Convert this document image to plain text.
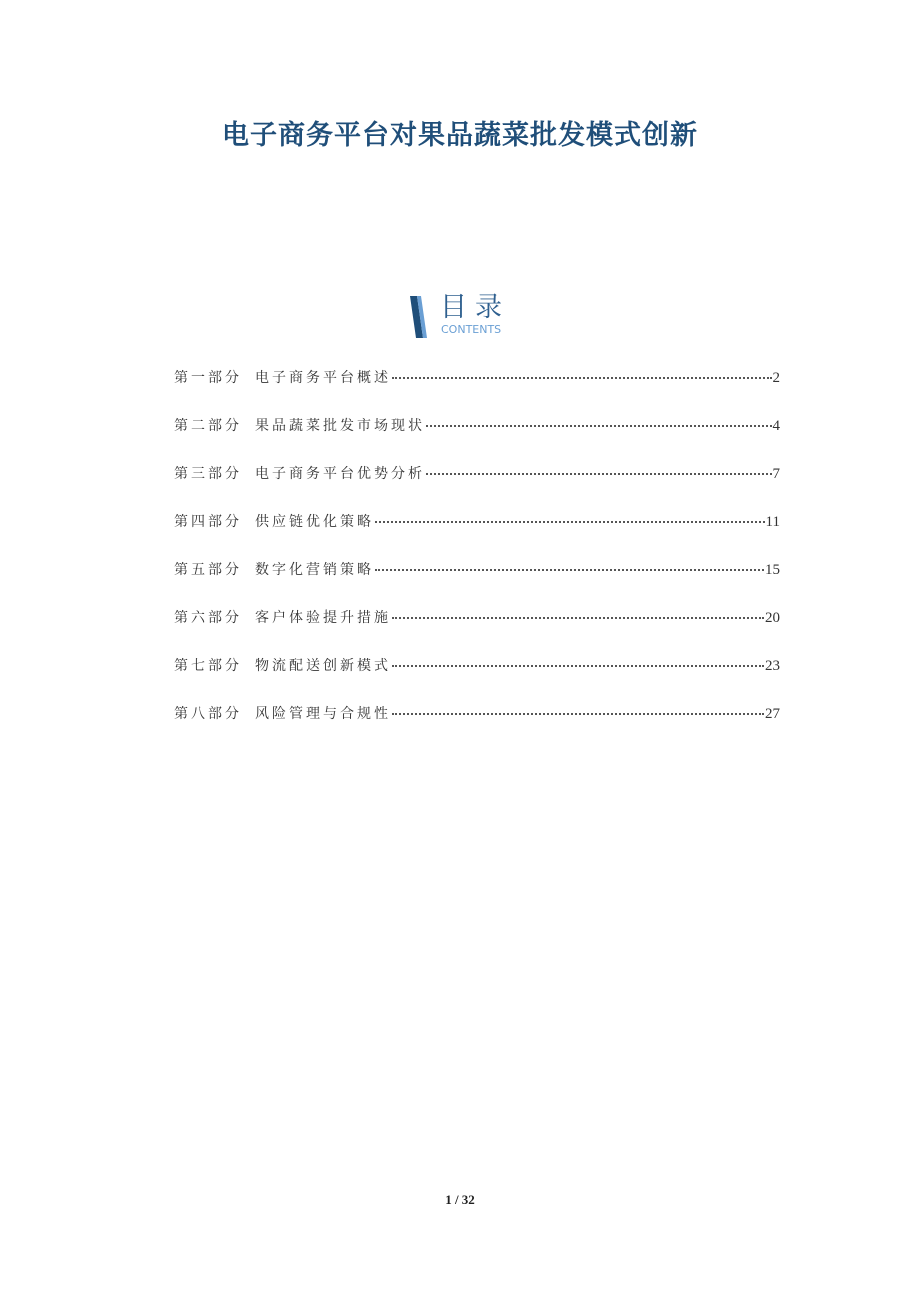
电子商务平台对果品蔬菜批发模式创新
目录
CONTENTS
第一部分 电子商务平台概述	2
第二部分 果品蔬菜批发市场现状	4
第三部分 电子商务平台优势分析	7
第四部分 供应链优化策略	11
第五部分 数字化营销策略	15
第六部分 客户体验提升措施	20
第七部分 物流配送创新模式	23
第八部分 风险管理与合规性	27
1 / 32
